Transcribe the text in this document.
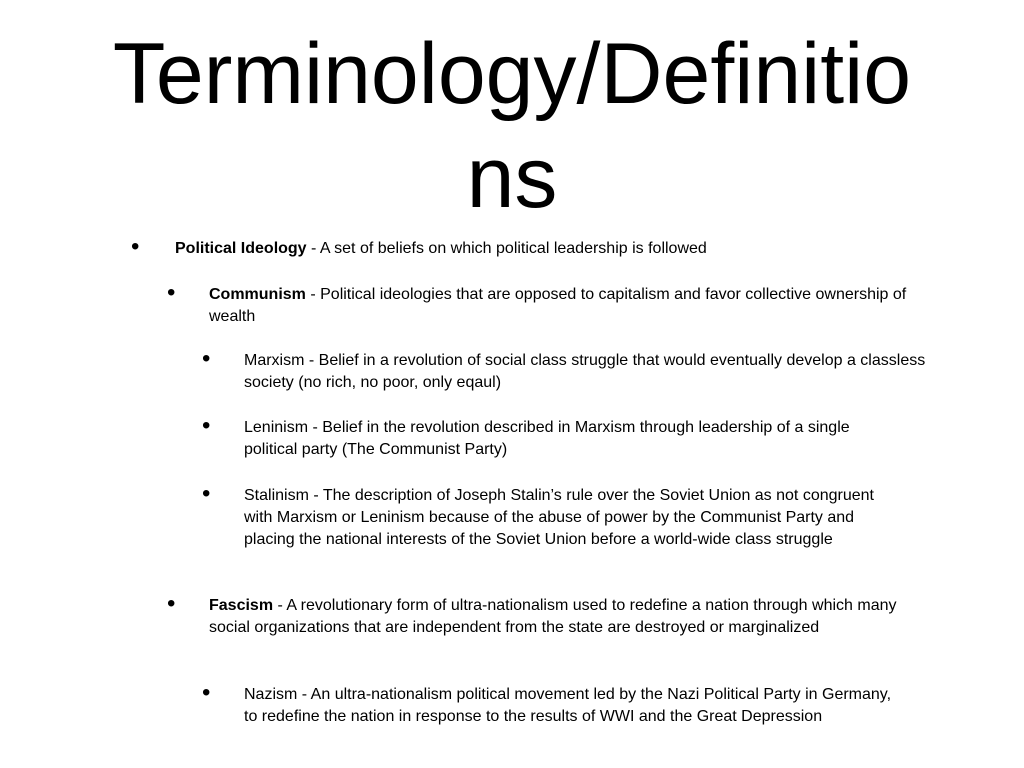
Terminology/Definitio
ns
• Political Ideology - A set of beliefs on which political leadership is followed
• Communism - Political ideologies that are opposed to capitalism and favor collective ownership of wealth
• Marxism - Belief in a revolution of social class struggle that would eventually develop a classless society (no rich, no poor, only eqaul)
• Leninism - Belief in the revolution described in Marxism through leadership of a single political party (The Communist Party)
• Stalinism - The description of Joseph Stalin’s rule over the Soviet Union as not congruent with Marxism or Leninism because of the abuse of power by the Communist Party and placing the national interests of the Soviet Union before a world-wide class struggle
• Fascism - A revolutionary form of ultra-nationalism used to redefine a nation through which many social organizations that are independent from the state are destroyed or marginalized
• Nazism - An ultra-nationalism political movement led by the Nazi Political Party in Germany, to redefine the nation in response to the results of WWI and the Great Depression
